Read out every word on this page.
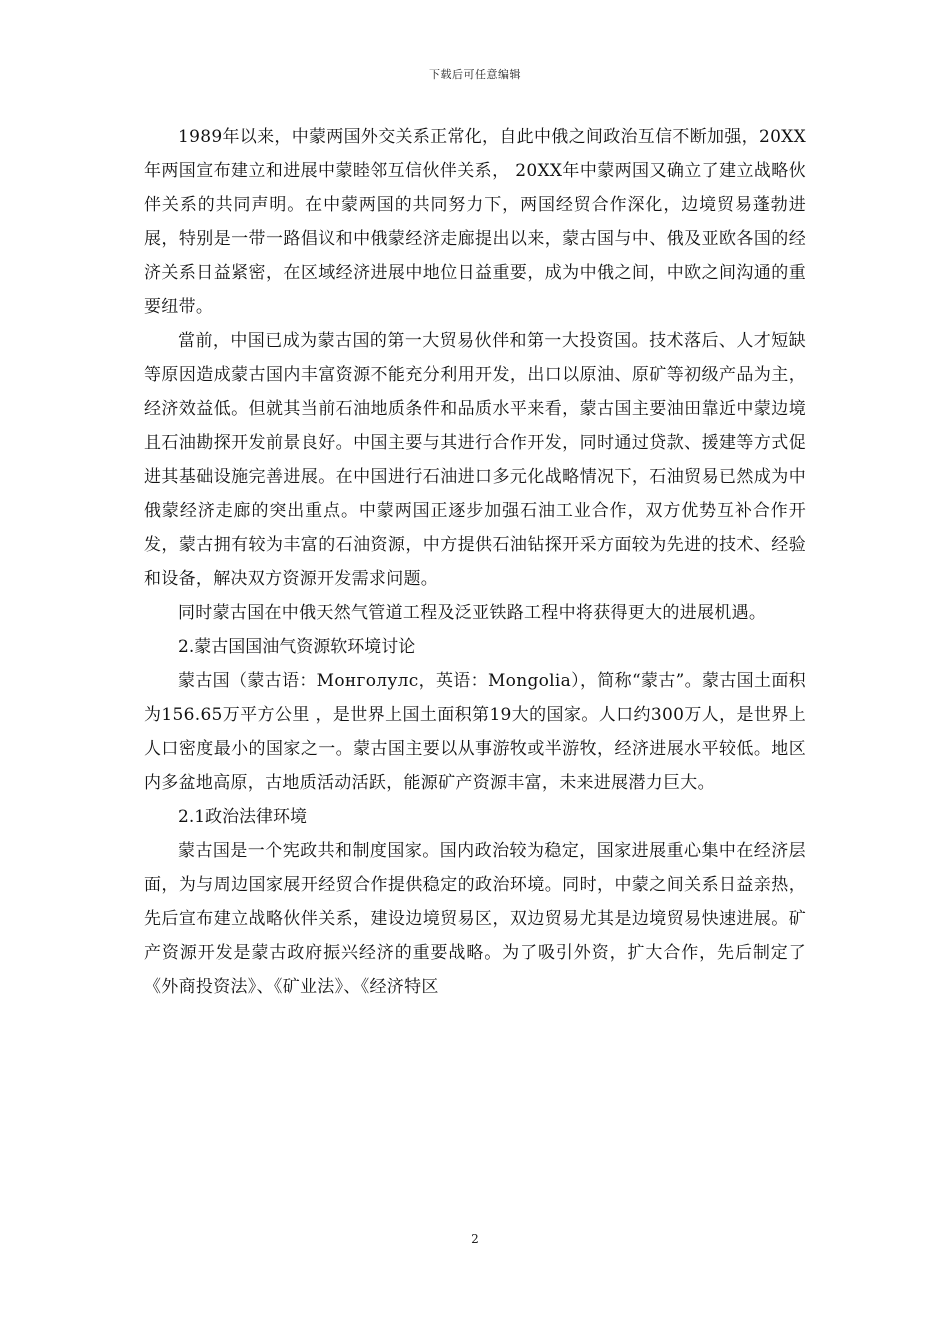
下载后可任意编辑

1989年以来，中蒙两国外交关系正常化，自此中俄之间政治互信不断加强，20XX年两国宣布建立和进展中蒙睦邻互信伙伴关系， 20XX年中蒙两国又确立了建立战略伙伴关系的共同声明。在中蒙两国的共同努力下，两国经贸合作深化，边境贸易蓬勃进展，特别是一带一路倡议和中俄蒙经济走廊提出以来，蒙古国与中、俄及亚欧各国的经济关系日益紧密，在区域经济进展中地位日益重要，成为中俄之间，中欧之间沟通的重要纽带。

當前，中国已成为蒙古国的第一大贸易伙伴和第一大投资国。技术落后、人才短缺等原因造成蒙古国内丰富资源不能充分利用开发，出口以原油、原矿等初级产品为主，经济效益低。但就其当前石油地质条件和品质水平来看，蒙古国主要油田靠近中蒙边境且石油勘探开发前景良好。中国主要与其进行合作开发，同时通过贷款、援建等方式促进其基础设施完善进展。在中国进行石油进口多元化战略情况下，石油贸易已然成为中俄蒙经济走廊的突出重点。中蒙两国正逐步加强石油工业合作，双方优势互补合作开发，蒙古拥有较为丰富的石油资源，中方提供石油钻探开采方面较为先进的技术、经验和设备，解决双方资源开发需求问题。

同时蒙古国在中俄天然气管道工程及泛亚铁路工程中将获得更大的进展机遇。

2.蒙古国国油气资源软环境讨论

蒙古国（蒙古语：Монголулс，英语：Mongolia），简称“蒙古”。蒙古国土面积为156.65万平方公里 ，是世界上国土面积第19大的国家。人口约300万人，是世界上人口密度最小的国家之一。蒙古国主要以从事游牧或半游牧，经济进展水平较低。地区内多盆地高原，古地质活动活跃，能源矿产资源丰富，未来进展潜力巨大。

2.1政治法律环境

蒙古国是一个宪政共和制度国家。国内政治较为稳定，国家进展重心集中在经济层面，为与周边国家展开经贸合作提供稳定的政治环境。同时，中蒙之间关系日益亲热，先后宣布建立战略伙伴关系，建设边境贸易区，双边贸易尤其是边境贸易快速进展。矿产资源开发是蒙古政府振兴经济的重要战略。为了吸引外资，扩大合作，先后制定了《外商投资法》、《矿业法》、《经济特区

2
